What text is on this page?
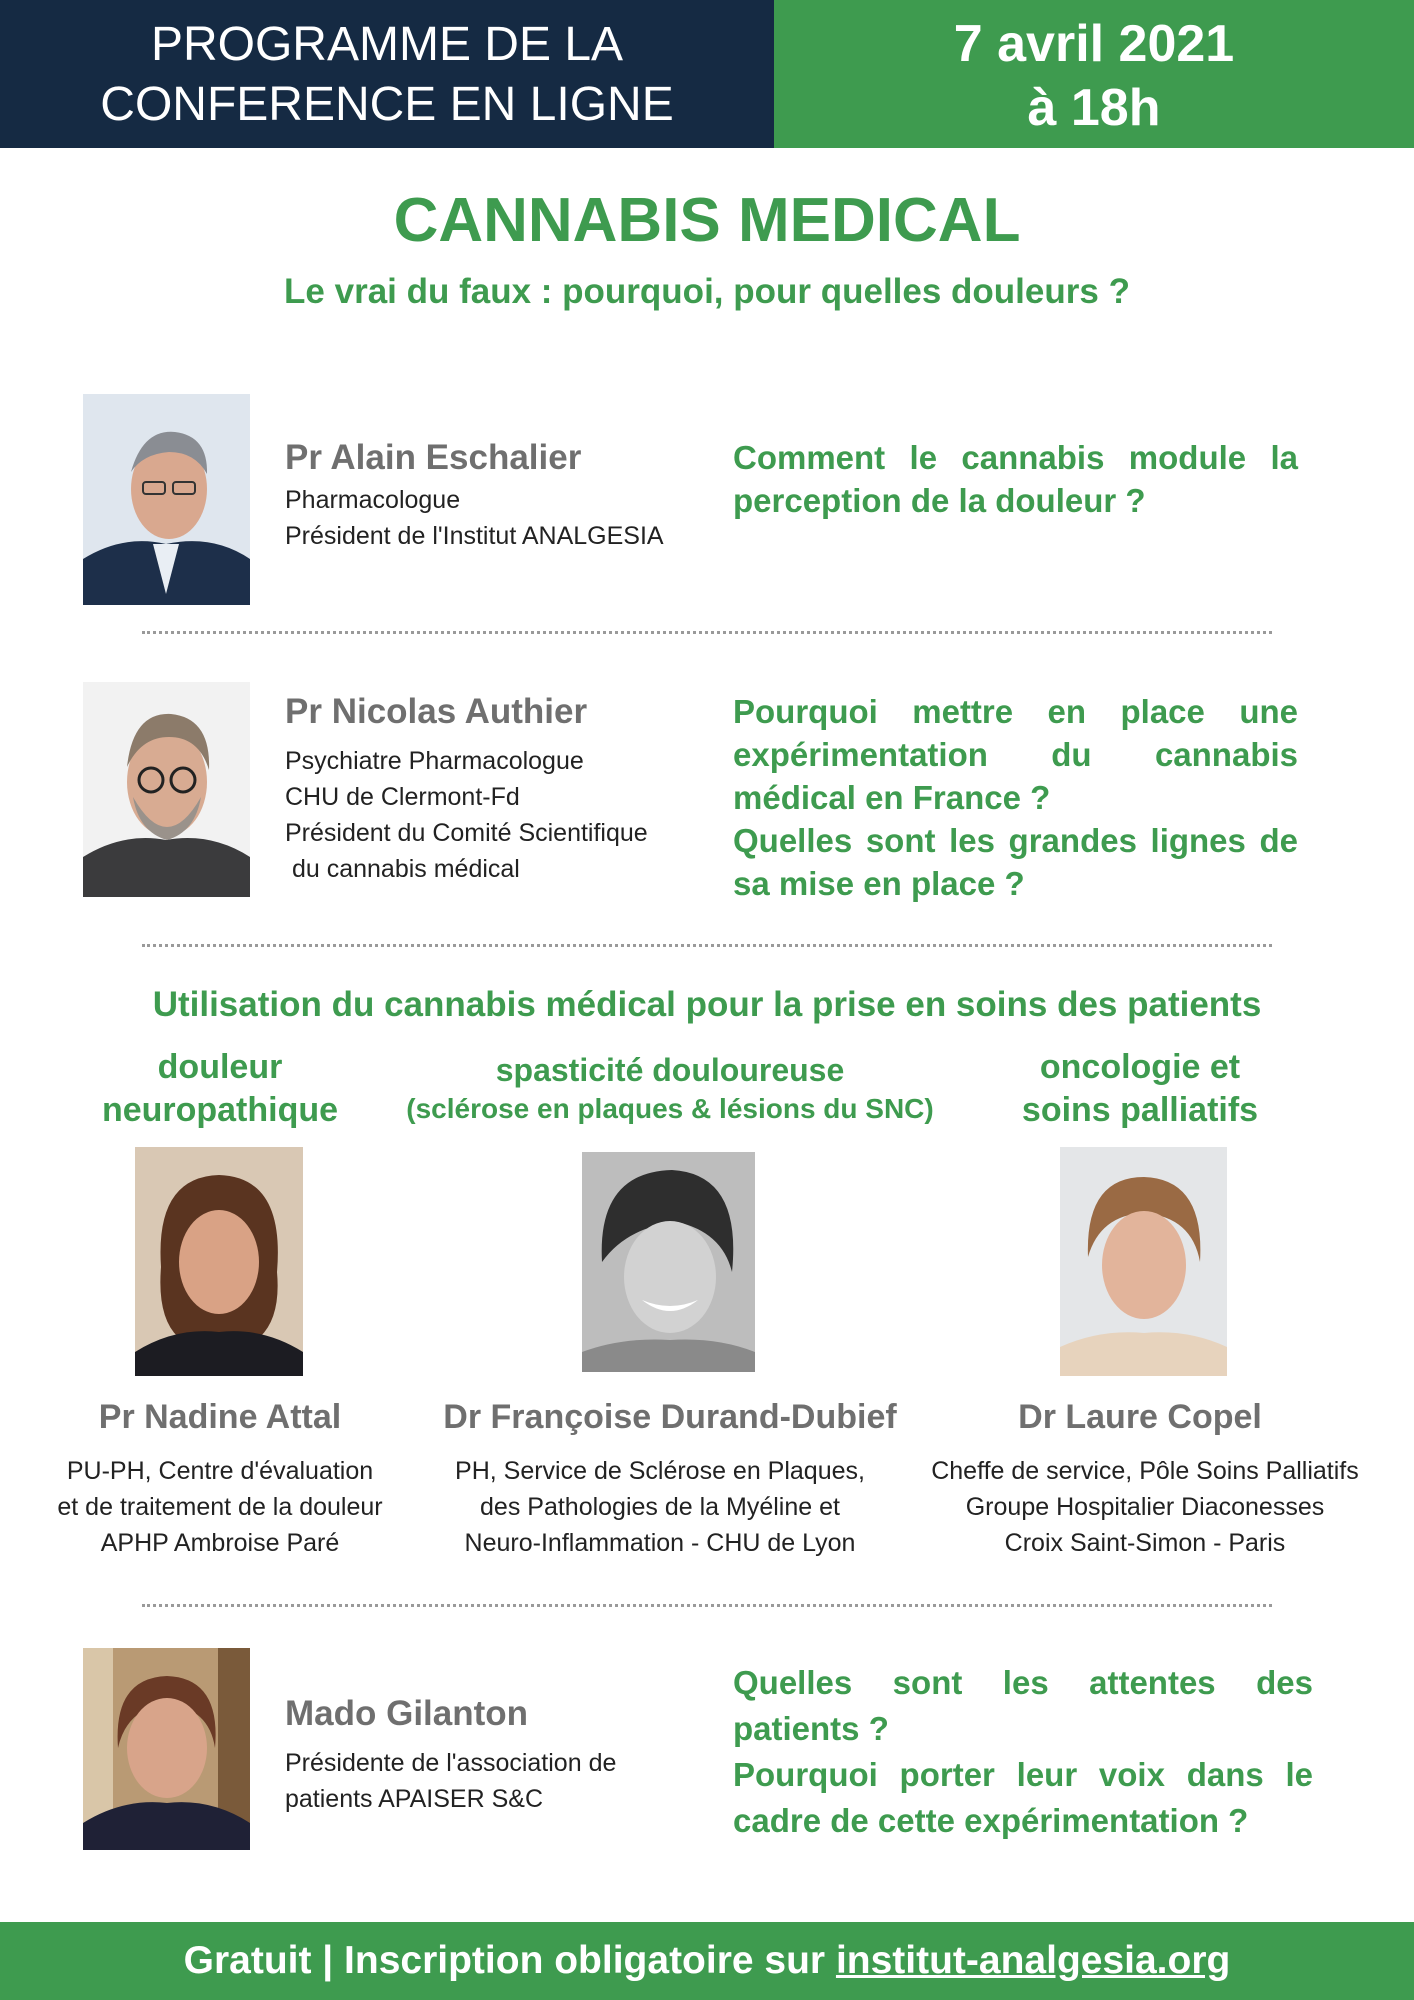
PROGRAMME DE LA
CONFERENCE EN LIGNE
7 avril 2021
à 18h
CANNABIS MEDICAL
Le vrai du faux : pourquoi, pour quelles douleurs ?
Pr Alain Eschalier
Pharmacologue
Président de l'Institut ANALGESIA
Comment le cannabis module la perception de la douleur ?
Pr Nicolas Authier
Psychiatre Pharmacologue
CHU de Clermont-Fd
Président du Comité Scientifique
du cannabis médical
Pourquoi mettre en place une expérimentation du cannabis médical en France ?
Quelles sont les grandes lignes de sa mise en place ?
Utilisation du cannabis médical pour la prise en soins des patients
douleur
neuropathique
spasticité douloureuse
(sclérose en plaques & lésions du SNC)
oncologie et
soins palliatifs
Pr Nadine Attal	Dr Françoise Durand-Dubief	Dr Laure Copel
PU-PH, Centre d'évaluation
et de traitement de la douleur
APHP Ambroise Paré
PH, Service de Sclérose en Plaques,
des Pathologies de la Myéline et
Neuro-Inflammation - CHU de Lyon
Cheffe de service, Pôle Soins Palliatifs
Groupe Hospitalier Diaconesses
Croix Saint-Simon - Paris
Mado Gilanton
Présidente de l'association de
patients APAISER S&C
Quelles sont les attentes des patients ?
Pourquoi porter leur voix dans le cadre de cette expérimentation ?
Gratuit | Inscription obligatoire sur institut-analgesia.org
